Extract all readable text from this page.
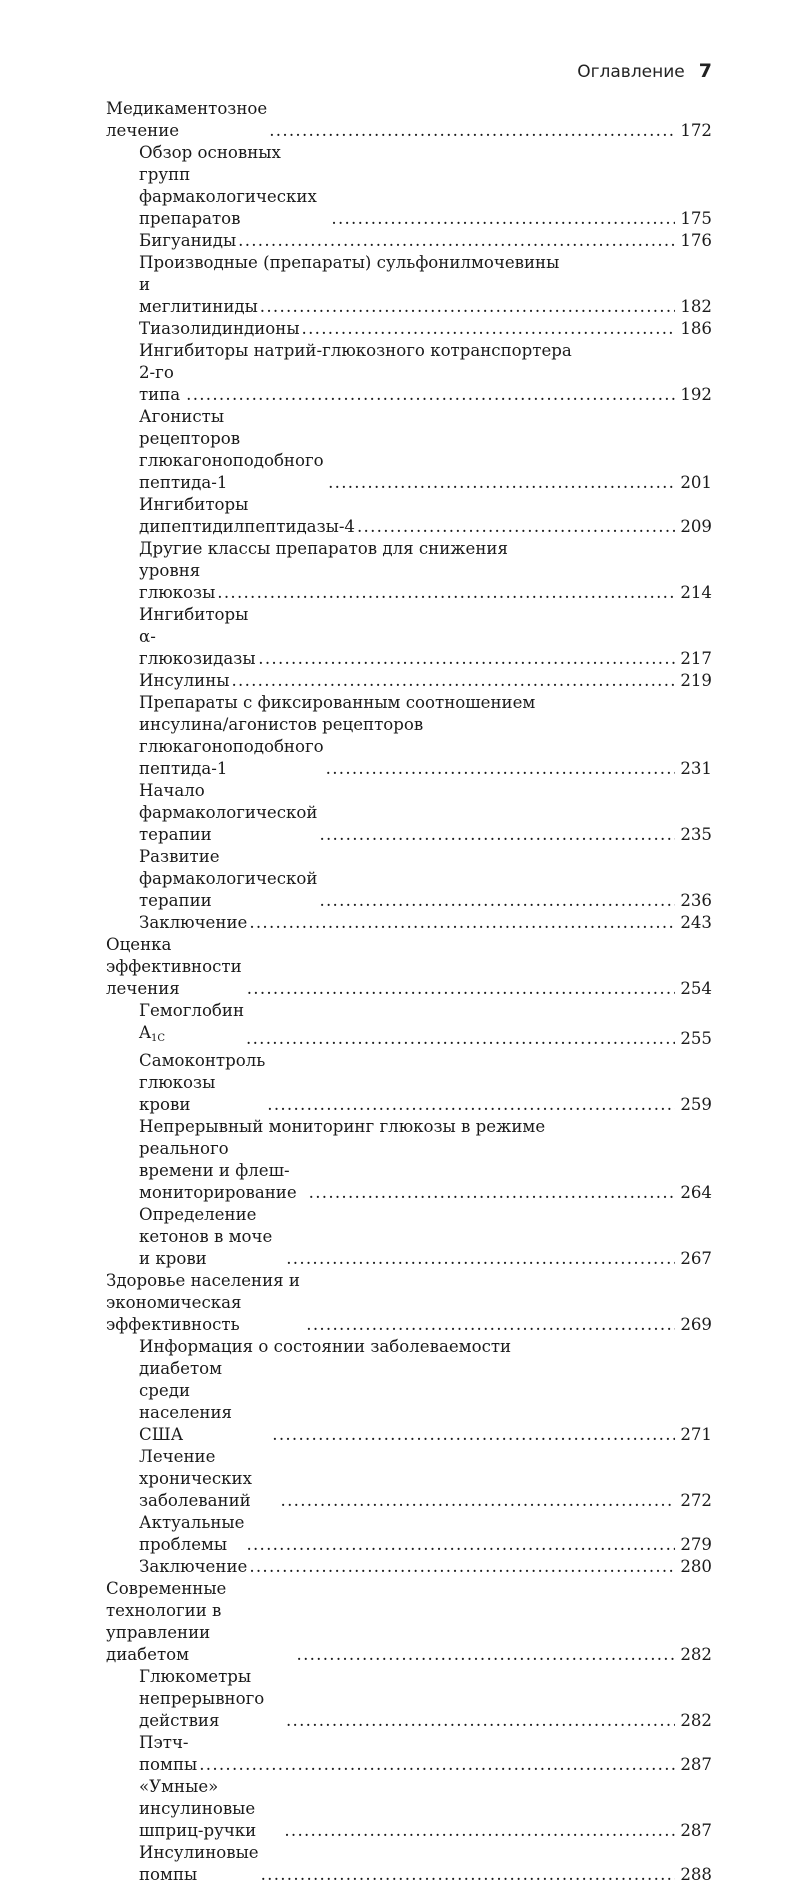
Оглавление 7
Медикаментозное лечение . . .	172
Обзор основных групп фармакологических препаратов . . .	175
Бигуаниды . . .	176
Производные (препараты) сульфонилмочевины
и меглитиниды . . .	182
Тиазолидиндионы . . .	186
Ингибиторы натрий-глюкозного котранспортера
2-го типа . . .	192
Агонисты рецепторов глюкагоноподобного пептида-1 . . .	201
Ингибиторы дипептидилпептидазы-4 . . .	209
Другие классы препаратов для снижения
уровня глюкозы . . .	214
Ингибиторы α-глюкозидазы . . .	217
Инсулины . . .	219
Препараты с фиксированным соотношением
инсулина/агонистов рецепторов
глюкагоноподобного пептида-1 . . .	231
Начало фармакологической терапии . . .	235
Развитие фармакологической терапии . . .	236
Заключение . . .	243
Оценка эффективности лечения . . .	254
Гемоглобин $A_{1C}$ . . .	255
Самоконтроль глюкозы крови . . .	259
Непрерывный мониторинг глюкозы в режиме
реального времени и флеш-мониторирование . . .	264
Определение кетонов в моче и крови . . .	267
Здоровье населения и экономическая эффективность . . .	269
Информация о состоянии заболеваемости
диабетом среди населения США . . .	271
Лечение хронических заболеваний . . .	272
Актуальные проблемы . . .	279
Заключение . . .	280
Современные технологии в управлении диабетом . . .	282
Глюкометры непрерывного действия . . .	282
Пэтч-помпы . . .	287
«Умные» инсулиновые шприц-ручки . . .	287
Инсулиновые помпы . . .	288
